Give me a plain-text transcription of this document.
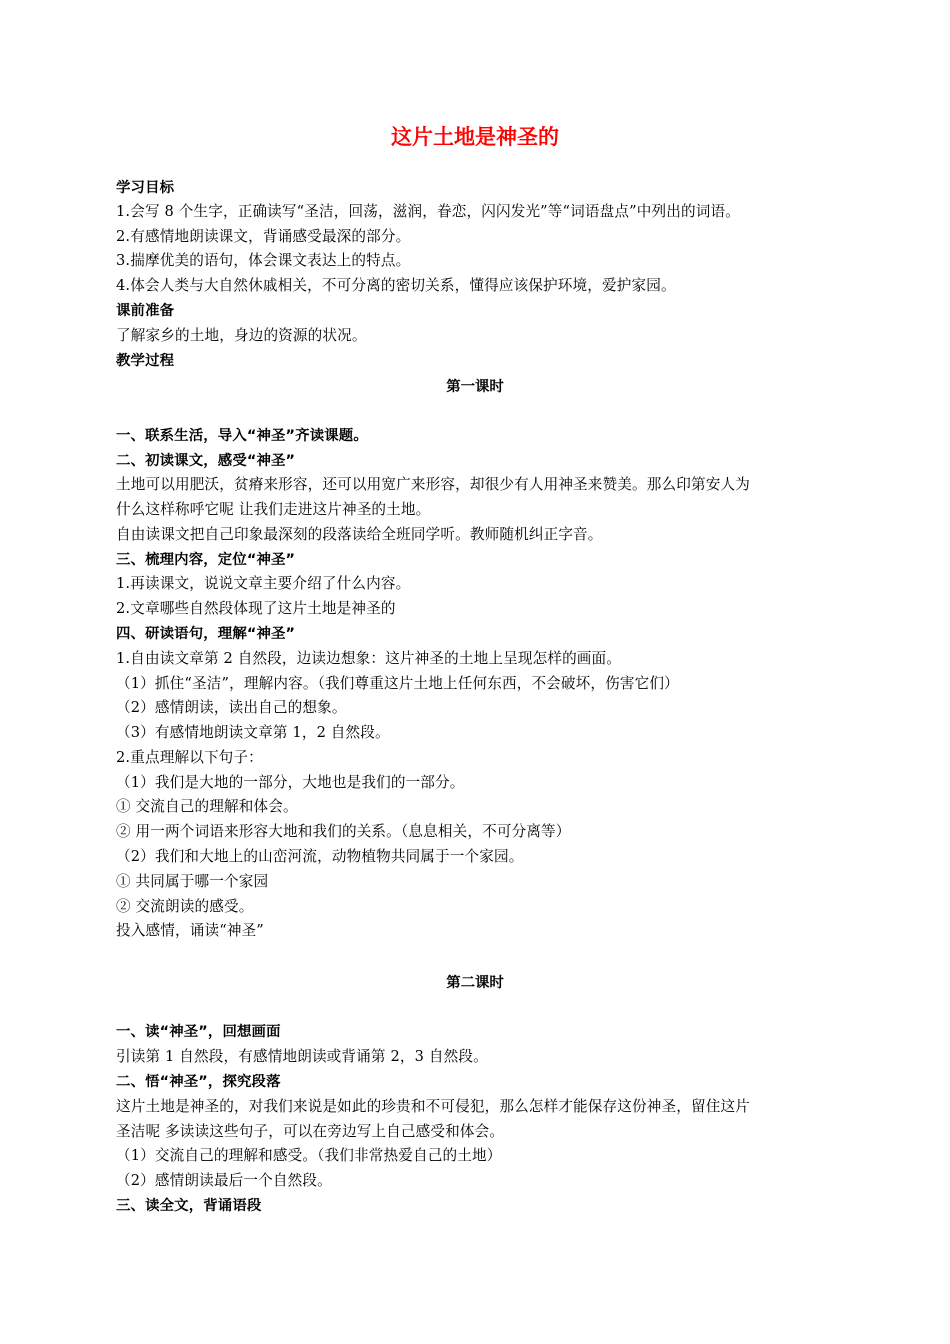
这片土地是神圣的
学习目标
1.会写 8 个生字，正确读写“圣洁，回荡，滋润，眷恋，闪闪发光”等“词语盘点”中列出的词语。
2.有感情地朗读课文，背诵感受最深的部分。
3.揣摩优美的语句，体会课文表达上的特点。
4.体会人类与大自然休戚相关，不可分离的密切关系，懂得应该保护环境，爱护家园。
课前准备
了解家乡的土地，身边的资源的状况。
教学过程
第一课时
一、联系生活，导入“神圣”齐读课题。
二、初读课文，感受“神圣”
土地可以用肥沃，贫瘠来形容，还可以用宽广来形容，却很少有人用神圣来赞美。那么印第安人为
什么这样称呼它呢 让我们走进这片神圣的土地。
自由读课文把自己印象最深刻的段落读给全班同学听。教师随机纠正字音。
三、梳理内容，定位“神圣”
1.再读课文，说说文章主要介绍了什么内容。
2.文章哪些自然段体现了这片土地是神圣的
四、研读语句，理解“神圣”
1.自由读文章第 2 自然段，边读边想象：这片神圣的土地上呈现怎样的画面。
（1）抓住“圣洁”，理解内容。（我们尊重这片土地上任何东西，不会破坏，伤害它们）
（2）感情朗读，读出自己的想象。
（3）有感情地朗读文章第 1，2 自然段。
2.重点理解以下句子：
（1）我们是大地的一部分，大地也是我们的一部分。
① 交流自己的理解和体会。
② 用一两个词语来形容大地和我们的关系。（息息相关，不可分离等）
（2）我们和大地上的山峦河流，动物植物共同属于一个家园。
① 共同属于哪一个家园
② 交流朗读的感受。
投入感情，诵读“神圣”
第二课时
一、读“神圣”，回想画面
引读第 1 自然段，有感情地朗读或背诵第 2，3 自然段。
二、悟“神圣”，探究段落
这片土地是神圣的，对我们来说是如此的珍贵和不可侵犯，那么怎样才能保存这份神圣，留住这片
圣洁呢 多读读这些句子，可以在旁边写上自己感受和体会。
（1）交流自己的理解和感受。（我们非常热爱自己的土地）
（2）感情朗读最后一个自然段。
三、读全文，背诵语段
